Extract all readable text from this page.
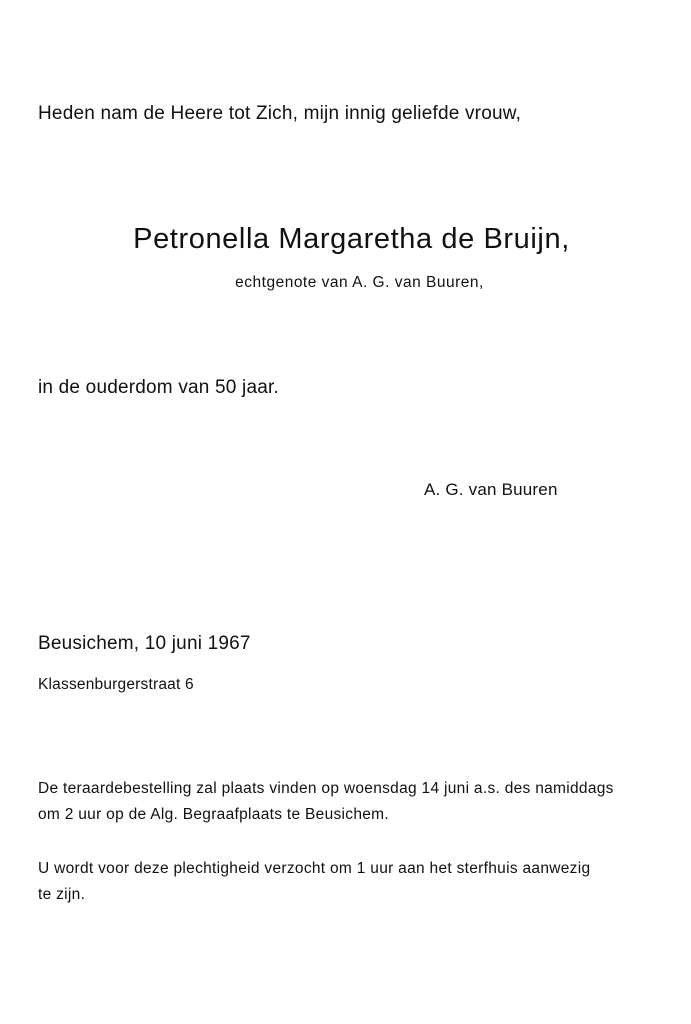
Heden nam de Heere tot Zich, mijn innig geliefde vrouw,
Petronella Margaretha de Bruijn,
echtgenote van A. G. van Buuren,
in de ouderdom van 50 jaar.
A. G. van Buuren
Beusichem, 10 juni 1967
Klassenburgerstraat 6
De teraardebestelling zal plaats vinden op woensdag 14 juni a.s. des namiddags
om 2 uur op de Alg. Begraafplaats te Beusichem.
U wordt voor deze plechtigheid verzocht om 1 uur aan het sterfhuis aanwezig
te zijn.
